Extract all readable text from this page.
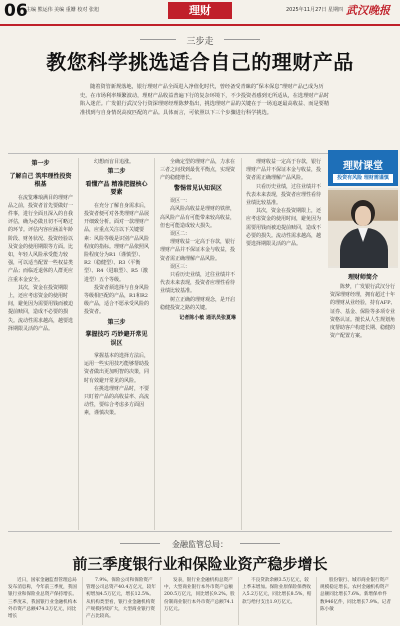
06
主编 熊运伟 美编 重姗 校对 张旭	理财	2025年11月27日 星期四 武汉晚报
三步走
教您科学挑选适合自己的理财产品
随着资管新规落地，银行理财产品全面进入净值化时代，曾经备受青睐的“保本保息”理财产品已成为历史。在市场利率频繁波动，理财产品收益普遍下行的复杂环境下，不少投资者感到无所适从，在选理财产品时陷入迷茫。广发银行武汉分行资深理财经理陈梦指出，挑选理财产品的关键在于一场追逐最高收益、而是要精准找到与自身情况高度匹配的产品。具体而言，可依照以下三个步骤进行科学挑选。
第一步
了解自己 筑牢理性投资根基

在流览琳琅满目的理财产品之前，投资者首先要做好一件事，进行全面且深入的自我评估，确为必做且切不可略过的环节。评估内容应涵盖年龄阶段、财务状况、投资经验以及资金的使用期限等方面。比如，年轻人风险承受能力较强，可以适当配置一些权益类产品；而临近退休的人群更应注重本金安全。

其次，资金在投资期限上，还应考虑资金的使用时间，避免因为需要用钱而被迫提前赎回，造成不必要的损失。流动性需求越高，越要选择期限灵活的产品。

幻想而盲目追涨。

第二步
看懂产品 精准把握核心要素

在充分了解自身需求后，投资者便可对各类理财产品展开细致分析。面对一款理财产品，应重点关注以下关键要素：风险等级是识别产品风险程度的指标。理财产品依照风险程度分为R1（谨慎型）、R2（稳健型）、R3（平衡型）、R4（进取型）、R5（激进型）五个等级。

投资者须选择与自身风险等级相匹配的产品，R1和R2级产品，适合不愿承受风险的投资者。

第三步
掌握技巧 巧妙避开常见误区

掌握基本的选择方法后，运用一些实用技巧能够帮助投资者做出更加明智的决策，同时有效避开常见的风险。

在挑选理财产品时，不要只盯着产品的高收益率、高流动性，要综合考虑多方面因素，谨慎决策。

全确定型的理财产品，力求在三者之间找到最优平衡点，实现资产的稳健增长。

警惕常见认知误区

误区一：

高风险高收益是理财的铁律，高风险产品有可能带来较高收益，但也可能造成较大损失。

误区二：

理财收益一定高于存款，银行理财产品并不保证本金与收益，投资者需正确理解产品风险。

误区三：

只看历史业绩，过往业绩并不代表未来表现，投资者应理性看待业绩比较基准。

树立正确的理财观念，是开启稳健投资之路的关键。

记者陈小敏 通讯员张夏琳

理财收益一定高于存款，银行理财产品并不保证本金与收益，投资者需正确理解产品风险。

只看历史业绩，过往业绩并不代表未来表现，投资者应理性看待业绩比较基准。

其次，资金在投资期限上，还应考虑资金的使用时间，避免因为需要用钱而被迫提前赎回，造成不必要的损失。流动性需求越高，越要选择期限灵活的产品。

理财课堂
投资有风险 理财需谨慎
理财师简介

陈梦，广发银行武汉分行资深理财经理，拥有超过十年的理财从业经验，持有AFP、证券、基金、保险等多项专业资格认证。擅长从人生规划角度帮助客户构建长期、稳健的资产配置方案。

金融监管总局：
前三季度银行业和保险业资产稳步增长

近日，国家金融监督管理总局发布消息称，今年前三季度，我国银行业和保险业总资产保持增长。三季度末，我国银行业金融机构本外币资产总额474.3万亿元，同比增长

7.9%。保险公司和保险资产管理公司总资产40.4万亿元，较年初增加4.5万亿元，增长12.5%。从机构类型看，银行业金融机构资产规模持续扩大，大型商业银行资产占比较高。

发表，银行业金融机构总资产中，大型商业银行本外币资产总额200.5万亿元，同比增长9.2%。股份制商业银行本外币资产总额74.1万亿元。

不良贷款余额3.5万亿元，较上季末增加。保险业原保险保费收入5.2万亿元，同比增长8.5%，赔款与给付支出1.9万亿元。

股份银行、城市商业银行资产规模稳定增长。农村金融机构资产总额同比增长7.6%。新增保单件数946亿件，同比增长7.9%。记者陈小敏
